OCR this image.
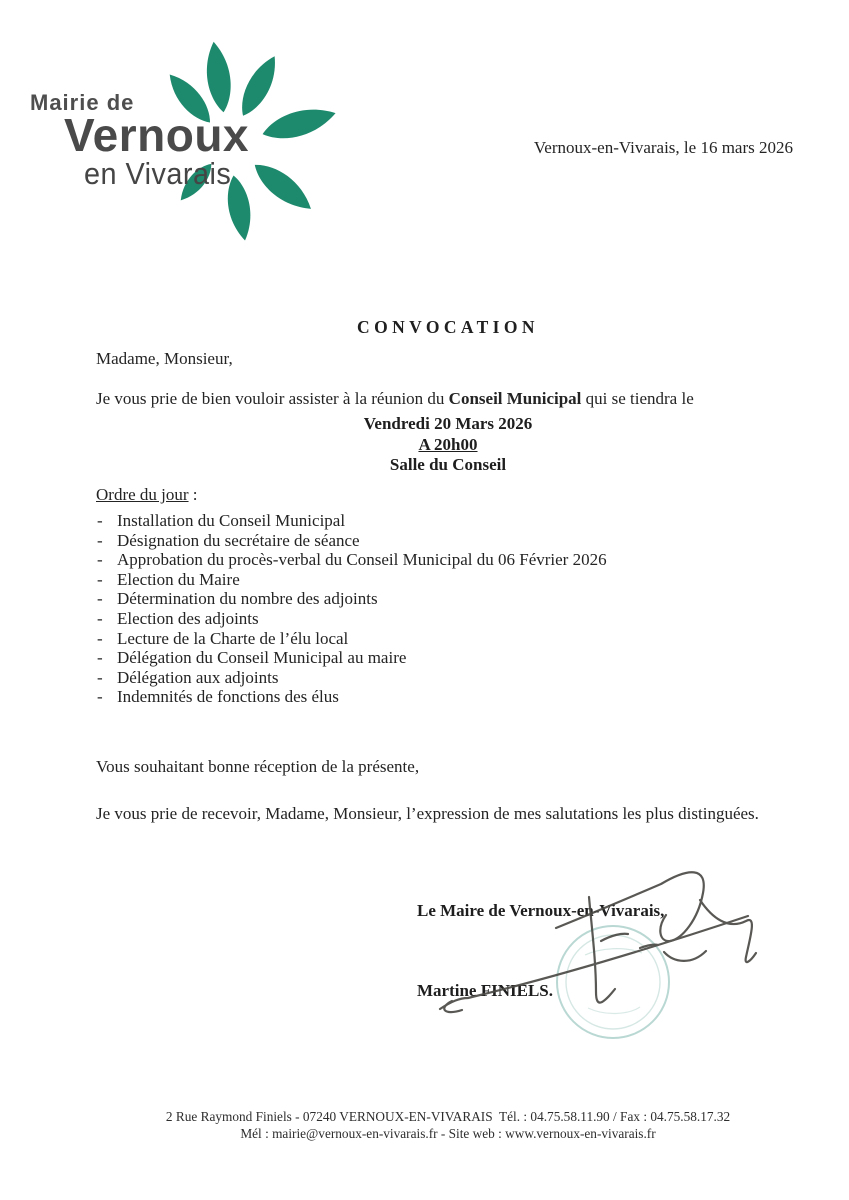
Mairie de
Vernoux
en Vivarais
Vernoux-en-Vivarais, le 16 mars 2026
CONVOCATION
Madame, Monsieur,
Je vous prie de bien vouloir assister à la réunion du Conseil Municipal qui se tiendra le
Vendredi 20 Mars 2026
A 20h00
Salle du Conseil
Ordre du jour :
- Installation du Conseil Municipal
- Désignation du secrétaire de séance
- Approbation du procès-verbal du Conseil Municipal du 06 Février 2026
- Election du Maire
- Détermination du nombre des adjoints
- Election des adjoints
- Lecture de la Charte de l’élu local
- Délégation du Conseil Municipal au maire
- Délégation aux adjoints
- Indemnités de fonctions des élus
Vous souhaitant bonne réception de la présente,
Je vous prie de recevoir, Madame, Monsieur, l’expression de mes salutations les plus distinguées.
Le Maire de Vernoux-en-Vivarais,
Martine FINIELS.
2 Rue Raymond Finiels - 07240 VERNOUX-EN-VIVARAIS  Tél. : 04.75.58.11.90 / Fax : 04.75.58.17.32
Mél : mairie@vernoux-en-vivarais.fr - Site web : www.vernoux-en-vivarais.fr
